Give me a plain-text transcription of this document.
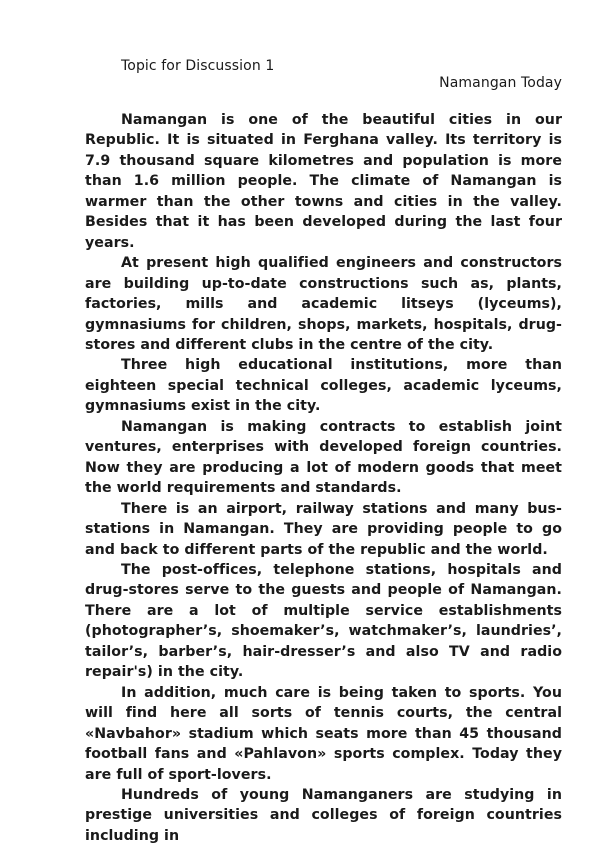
Topic for Discussion 1
Namangan Today

Namangan is one of the beautiful cities in our Republic. It is situated in Ferghana valley. Its territory is 7.9 thousand square kilometres and population is more than 1.6 million people. The climate of Namangan is warmer than the other towns and cities in the valley. Besides that it has been developed during the last four years.

At present high qualified engineers and constructors are building up-to-date constructions such as, plants, factories, mills and academic litseys (lyceums), gymnasiums for children, shops, markets, hospitals, drug-stores and different clubs in the centre of the city.

Three high educational institutions, more than eighteen special technical colleges, academic lyceums, gymnasiums exist in the city.

Namangan is making contracts to establish joint ventures, enterprises with developed foreign countries. Now they are producing a lot of modern goods that meet the world requirements and standards.

There is an airport, railway stations and many bus-stations in Namangan. They are providing people to go and back to different parts of the republic and the world.

The post-offices, telephone stations, hospitals and drug-stores serve to the guests and people of Namangan. There are a lot of multiple service establishments (photographer’s, shoemaker’s, watchmaker’s, laundries’, tailor’s, barber’s, hair-dresser’s and also TV and radio repair's) in the city.

In addition, much care is being taken to sports. You will find here all sorts of tennis courts, the central «Navbahor» stadium which seats more than 45 thousand football fans and «Pahlavon» sports complex. Today they are full of sport-lovers.

Hundreds of young Namanganers are studying in prestige universities and colleges of foreign countries including in
